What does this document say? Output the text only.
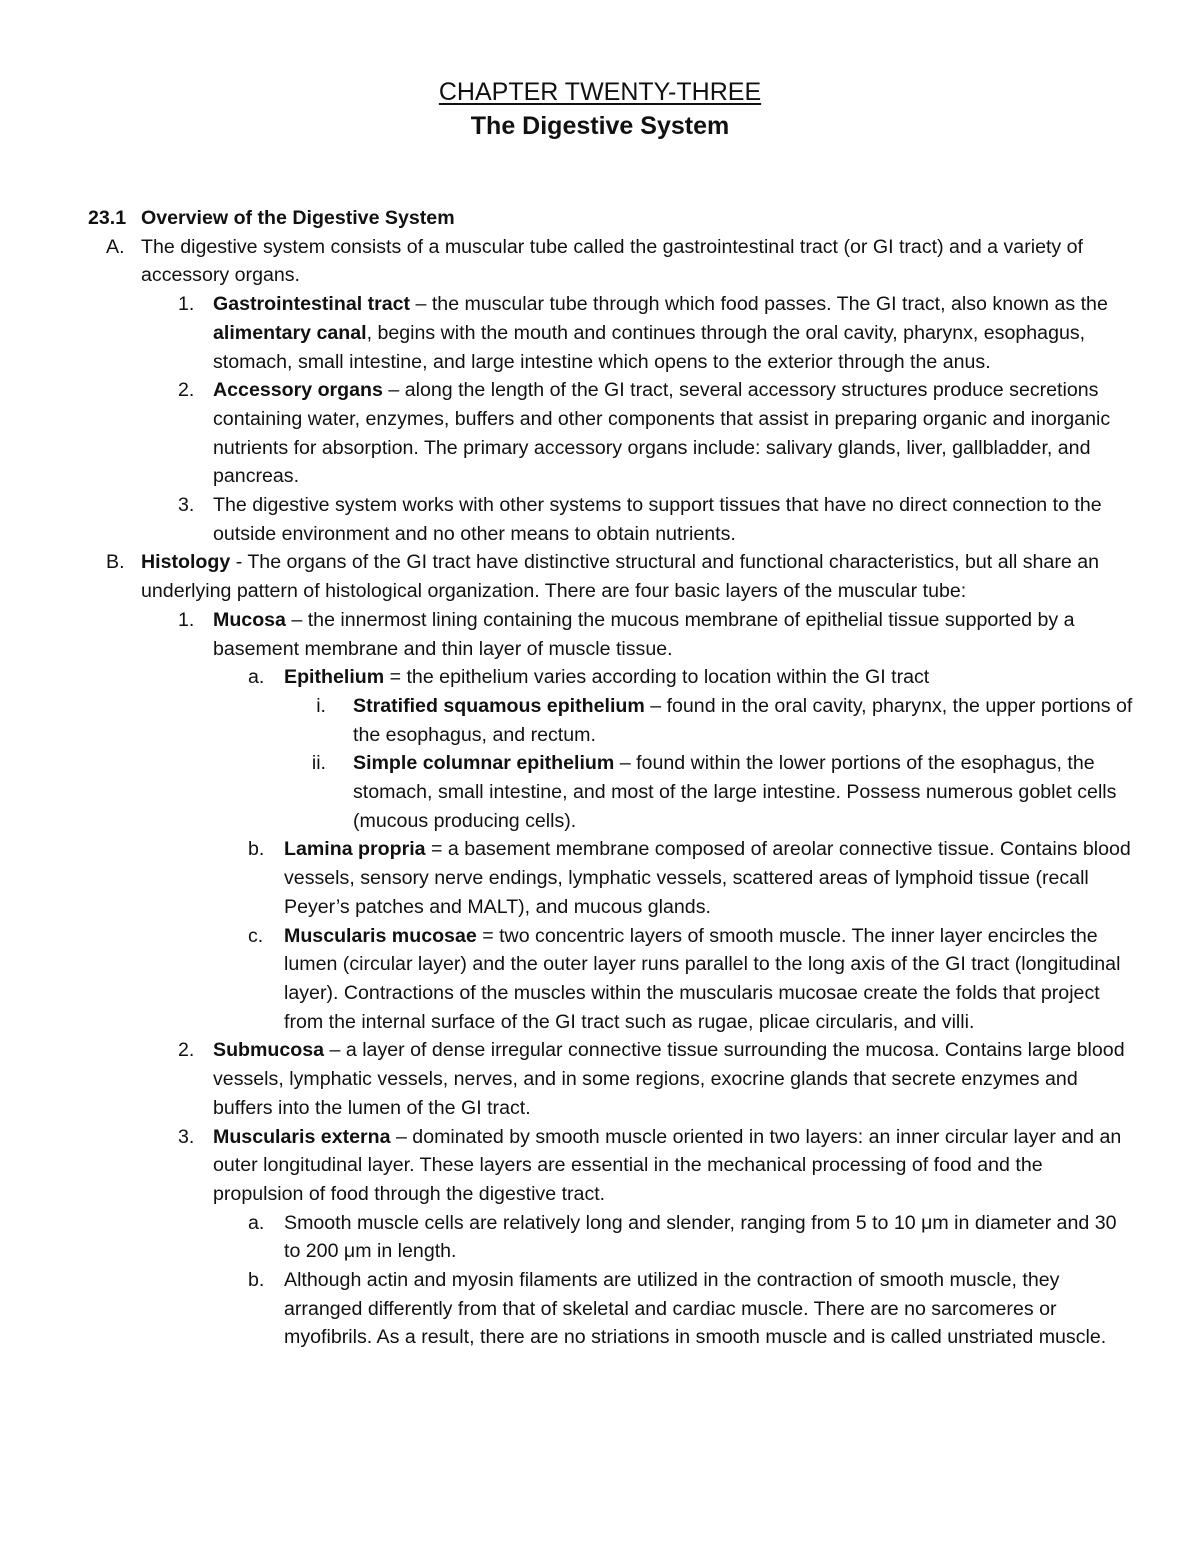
CHAPTER TWENTY-THREE
The Digestive System
23.1 Overview of the Digestive System

A. The digestive system consists of a muscular tube called the gastrointestinal tract (or GI tract) and a variety of accessory organs.

1. Gastrointestinal tract – the muscular tube through which food passes. The GI tract, also known as the alimentary canal, begins with the mouth and continues through the oral cavity, pharynx, esophagus, stomach, small intestine, and large intestine which opens to the exterior through the anus.

2. Accessory organs – along the length of the GI tract, several accessory structures produce secretions containing water, enzymes, buffers and other components that assist in preparing organic and inorganic nutrients for absorption. The primary accessory organs include: salivary glands, liver, gallbladder, and pancreas.

3. The digestive system works with other systems to support tissues that have no direct connection to the outside environment and no other means to obtain nutrients.

B. Histology - The organs of the GI tract have distinctive structural and functional characteristics, but all share an underlying pattern of histological organization. There are four basic layers of the muscular tube:

1. Mucosa – the innermost lining containing the mucous membrane of epithelial tissue supported by a basement membrane and thin layer of muscle tissue.

a. Epithelium = the epithelium varies according to location within the GI tract

i. Stratified squamous epithelium – found in the oral cavity, pharynx, the upper portions of the esophagus, and rectum.

ii. Simple columnar epithelium – found within the lower portions of the esophagus, the stomach, small intestine, and most of the large intestine. Possess numerous goblet cells (mucous producing cells).

b. Lamina propria = a basement membrane composed of areolar connective tissue. Contains blood vessels, sensory nerve endings, lymphatic vessels, scattered areas of lymphoid tissue (recall Peyer’s patches and MALT), and mucous glands.

c. Muscularis mucosae = two concentric layers of smooth muscle. The inner layer encircles the lumen (circular layer) and the outer layer runs parallel to the long axis of the GI tract (longitudinal layer). Contractions of the muscles within the muscularis mucosae create the folds that project from the internal surface of the GI tract such as rugae, plicae circularis, and villi.

2. Submucosa – a layer of dense irregular connective tissue surrounding the mucosa. Contains large blood vessels, lymphatic vessels, nerves, and in some regions, exocrine glands that secrete enzymes and buffers into the lumen of the GI tract.

3. Muscularis externa – dominated by smooth muscle oriented in two layers: an inner circular layer and an outer longitudinal layer. These layers are essential in the mechanical processing of food and the propulsion of food through the digestive tract.

a. Smooth muscle cells are relatively long and slender, ranging from 5 to 10 μm in diameter and 30 to 200 μm in length.

b. Although actin and myosin filaments are utilized in the contraction of smooth muscle, they arranged differently from that of skeletal and cardiac muscle. There are no sarcomeres or myofibrils. As a result, there are no striations in smooth muscle and is called unstriated muscle.
